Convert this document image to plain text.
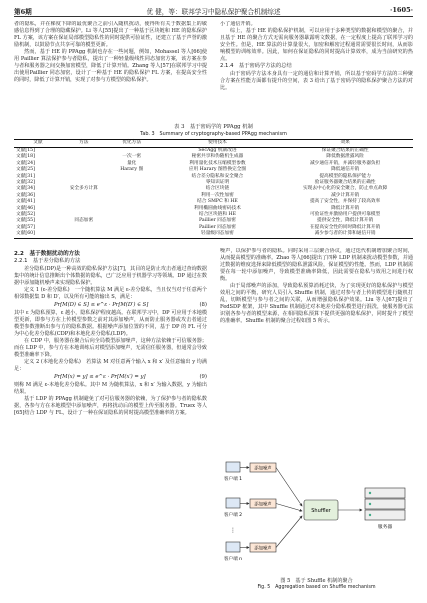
第6期	优 健，等：联邦学习中隐私保护聚合机制综述	·1605·

者的隐私，并在梯度下降的最优聚合之前引入随机扰动，使得所有关于数据集上的敏感信息得到了合理的隐藏保护。Li 等人[55]提出了一种基于区块链和 HE 的隐私保护 FL 方案，该方案在保证局部模型隐私性的同时提供可验证性，还建立了基于声誉的激励机制，以鼓励节点共享可靠的模型更新。

然而，基于 HE 的 PPAgg 机制也存在一些问题，例如，Mohassel 等人[66]使用 Paillier 算法保护参与者隐私，提出了一种轻量级线性同态加密方案，该方案在参与者和服务器之间交换加密模型，降低了计算开销。Zhang 等人[57]在联邦学习中提出使用Paillier 同态加密，设计了一种基于 HE 的隐私保护 FL 方案，在提高安全性的同时，降低了计算开销，实现了对参与方模型的隐私保护。

小了通信开销。

综上，基于 HE 的隐私保护机制，可以应用于多种类型的数据和模型的聚合，并且基于 HE 的聚合方式无需向服务器暴露明文数据，在一定程度上提高了联邦学习的安全性。但是，HE 算法的计算量很大，加密和解密过程通常需要很长时间，从而影响模型的训练效率。因此，如何在保证隐私的同时提高计算效率，成为当前研究的热点。

2.1.4　基于密码学方法的总结

由于密码学方法本身具有一定的通信和计算开销，所以基于密码学方法的三种聚合方案在性能方面都有提升的空间，表 3 给出了基于密码学的隐私保护聚合方法的对比。

表 3　基于密码学的 PPAgg 机制
Tab. 3　Summary of cryptography-based PPAgg mechanism
文献	方法	优化方法	使用技术	效果
文献[15]			SecAgg 机制改进	保证聚合结果的正确性
文献[18]		一次一密	秘密共享和伪随机生成器	降低数据泄露风险
文献[24]		量化	利用量化技术压缩模型参数	减少通信开销，并减轻服务器负担
文献[25]		Harary 图	应用 Harary 图替换完全图	降低通信开销
文献[31]			结合差分隐私和安全聚合	提高模型的隐私保护能力
文献[32]			零知识证明	验证服务器聚合结果的正确性
文献[34]	安全多方计算		结合区块链	实现去中心化的安全聚合，防止单点故障
文献[36]			利用一次性加密	减少计算开销
文献[41]			结合 SMPC 和 HE	提高了安全性，并保持了较高效率
文献[46]			利用椭圆曲线密码技术	降低计算开销
文献[52]			结合区块链和 HE	可验证性并激励用户提供可靠模型
文献[55]	同态加密		Paillier 同态加密	提供安全性，降低计算开销
文献[57]			Paillier 同态加密	在提高安全性的同时降低计算开销
文献[60]			轻量级同态加密	减少参与者的计算和通信开销
2.2　基于数据扰动的方法
2.2.1　基于差分隐私的方法

差分隐私(DP)是一种高效的隐私保护方法[7]，其目的是防止攻击者通过查询数据集中的统计信息推断出个体数据的隐私，已广泛应用于机器学习等领域。DP 通过在数据中添加随机噪声来实现隐私保护。

定义 1 (ε-差分隐私)　一个随机算法 M 满足 ε-差分隐私，当且仅当对于任意两个相邻数据集 D 和 D′，以及所有可能的输出 S，满足：

Pr[M(D) ∈ S] ≤ e^ε · Pr[M(D′) ∈ S]	(8)

其中 ε 为隐私预算，ε 越小，隐私保护程度越高。在联邦学习中，DP 可应用于本地模型更新，即参与方在上传模型参数之前对其添加噪声，从而防止服务器或攻击者通过模型参数推断出参与方的隐私数据。根据噪声添加位置的不同，基于 DP 的 FL 可分为中心化差分隐私(CDP)和本地化差分隐私(LDP)。

在 CDP 中，服务器在聚合后向全局模型添加噪声，这种方法依赖于可信服务器；而在 LDP 中，参与方在本地训练后对模型添加噪声，无需信任服务器，但通常会导致模型准确率下降。

定义 2 (本地化差分隐私)　若算法 M 对任意两个输入 x 和 x′ 及任意输出 y 均满足：

Pr[M(x) = y] ≤ e^ε · Pr[M(x′) = y]	(9)

则称 M 满足 ε-本地化差分隐私。其中 M 为随机算法，x 和 x′ 为输入数据，y 为输出结果。

基于 LDP 的 PPAgg 机制避免了对可信服务器的依赖，为了保护参与者的隐私数据，各参与方在本地模型中添加噪声，再将扰动后的模型上传至服务器。Truex 等人[65]结合 LDP 与 FL，设计了一种在保证隐私的同时提高模型准确率的方案。

噪声，以保护参与者的隐私。同时采用三层聚合协议，通过迭代机制增加聚合时间，从而提高模型的准确率。Zhao 等人[66]提出了四种 LDP 机制来扰动模型参数，并通过数据的维度选择来降低模型的隐私泄露风险，保证模型的性能。然而，LDP 机制需要在每一轮中添加噪声，导致模型准确率降低，因此需要在隐私与效用之间进行权衡。

由于局部噪声的添加，导致隐私预算消耗过快，为了实现更好的隐私保护与模型效用之间的平衡，研究人员引入 Shuffle 机制，通过对参与者上传的模型进行随机打乱，切断模型与参与者之间的关联，从而增强隐私保护效果。Liu 等人[67]提出了 FedSDP 框架，其中 Shuffle 机制通过对本地差分隐私模型进行混洗，使服务器无法识别各参与者的模型来源，在相同隐私预算下提供更强的隐私保护，同时提升了模型的准确率。Shuffle 机制的聚合过程如图 5 所示。

客户端 1
添加噪声
客户端 2
添加噪声
⋮
客户端 n
添加噪声
Shuffler
服务器
图 5　基于 Shuffle 机制的聚合
Fig. 5　Aggregation based on Shuffle mechanism
